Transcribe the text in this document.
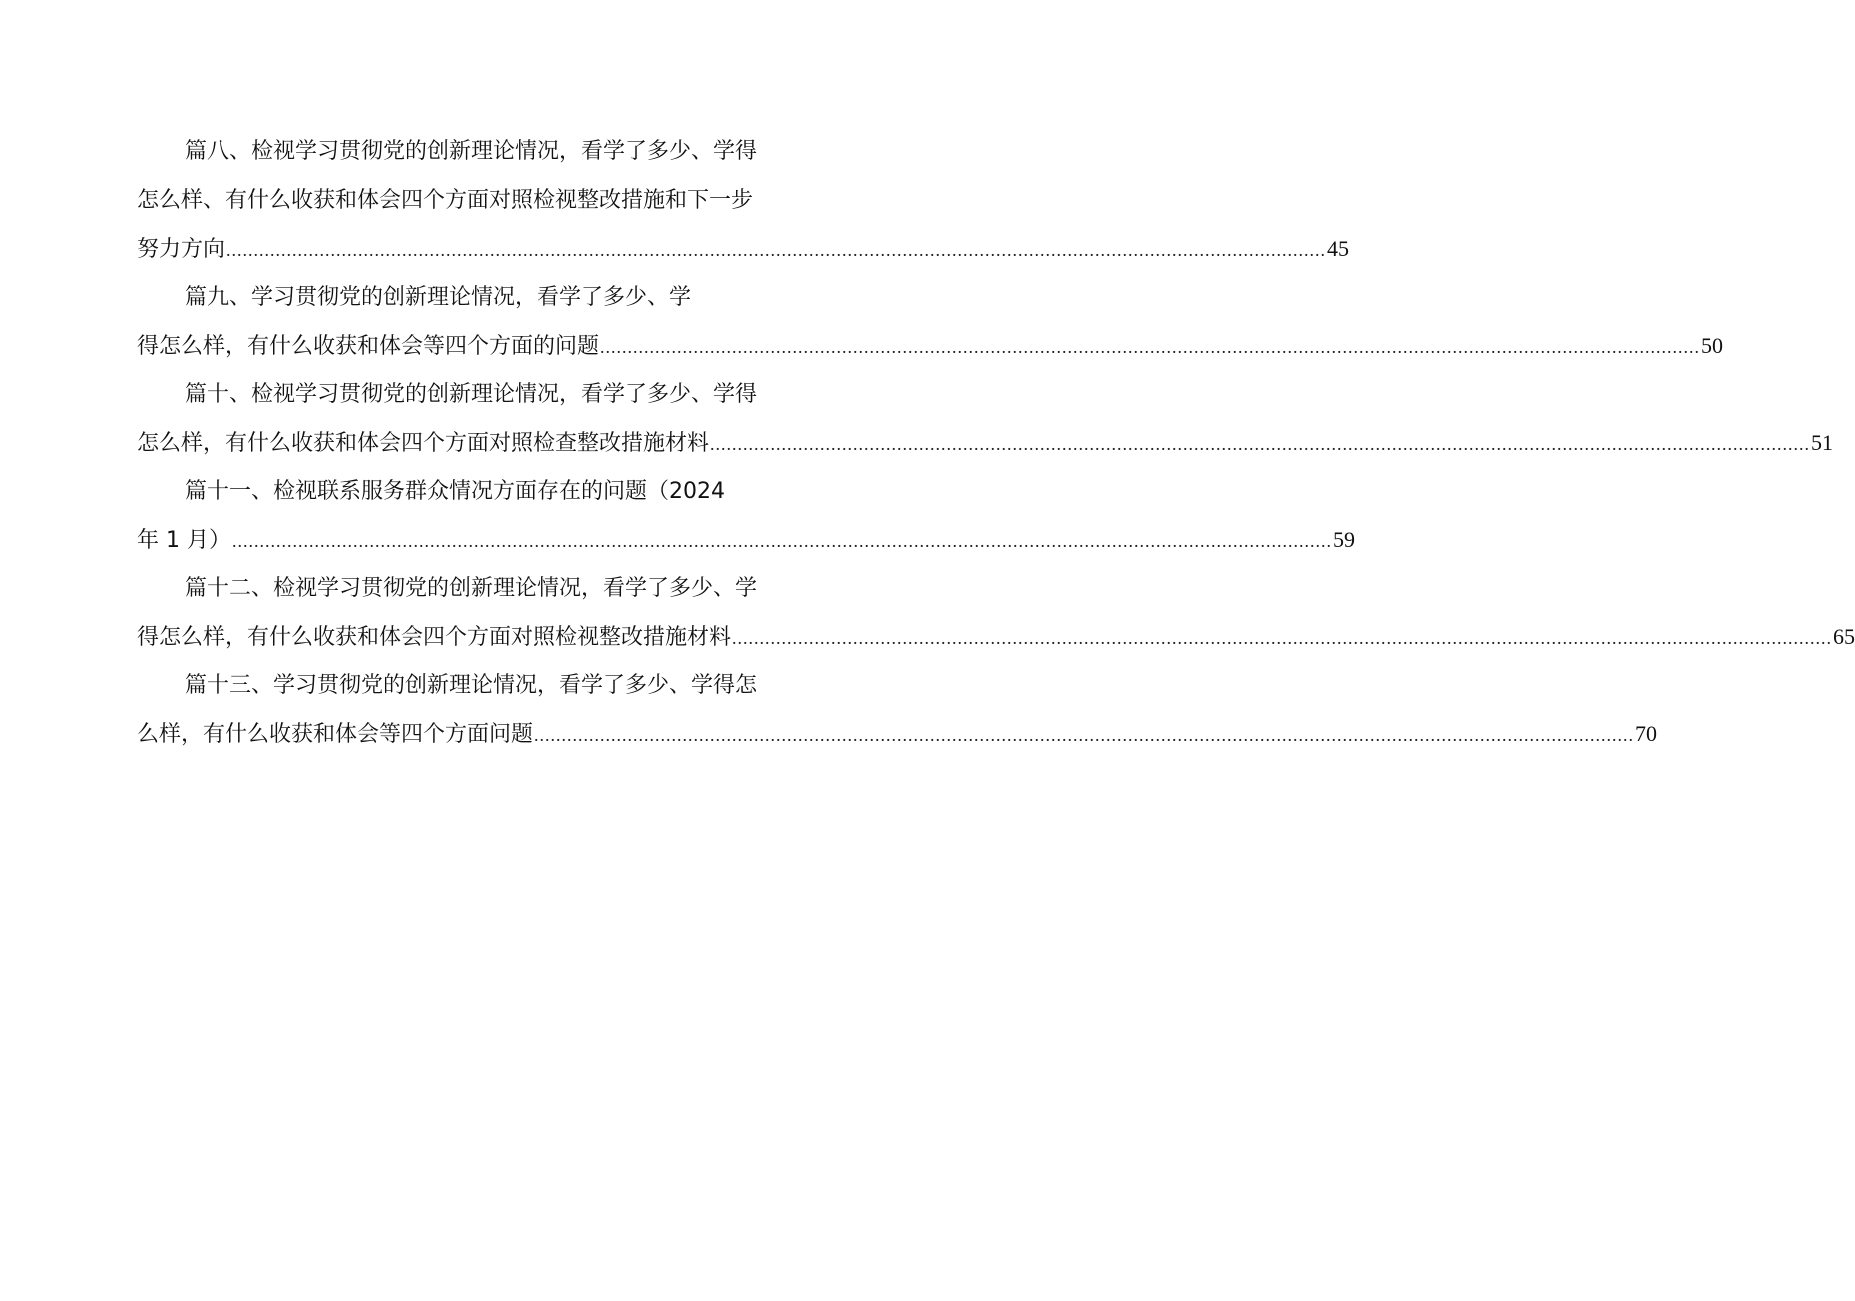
篇八、检视学习贯彻党的创新理论情况，看学了多少、学得
怎么样、有什么收获和体会四个方面对照检视整改措施和下一步
努力方向 ........................................................................................................................................................................................................ 45
篇九、学习贯彻党的创新理论情况，看学了多少、学
得怎么样，有什么收获和体会等四个方面的问题 ........................................................................................................................................................................................................ 50
篇十、检视学习贯彻党的创新理论情况，看学了多少、学得
怎么样，有什么收获和体会四个方面对照检查整改措施材料 ........................................................................................................................................................................................................ 51
篇十一、检视联系服务群众情况方面存在的问题（2024
年 1 月） ........................................................................................................................................................................................................ 59
篇十二、检视学习贯彻党的创新理论情况，看学了多少、学
得怎么样，有什么收获和体会四个方面对照检视整改措施材料 ........................................................................................................................................................................................................ 65
篇十三、学习贯彻党的创新理论情况，看学了多少、学得怎
么样，有什么收获和体会等四个方面问题 ........................................................................................................................................................................................................ 70
